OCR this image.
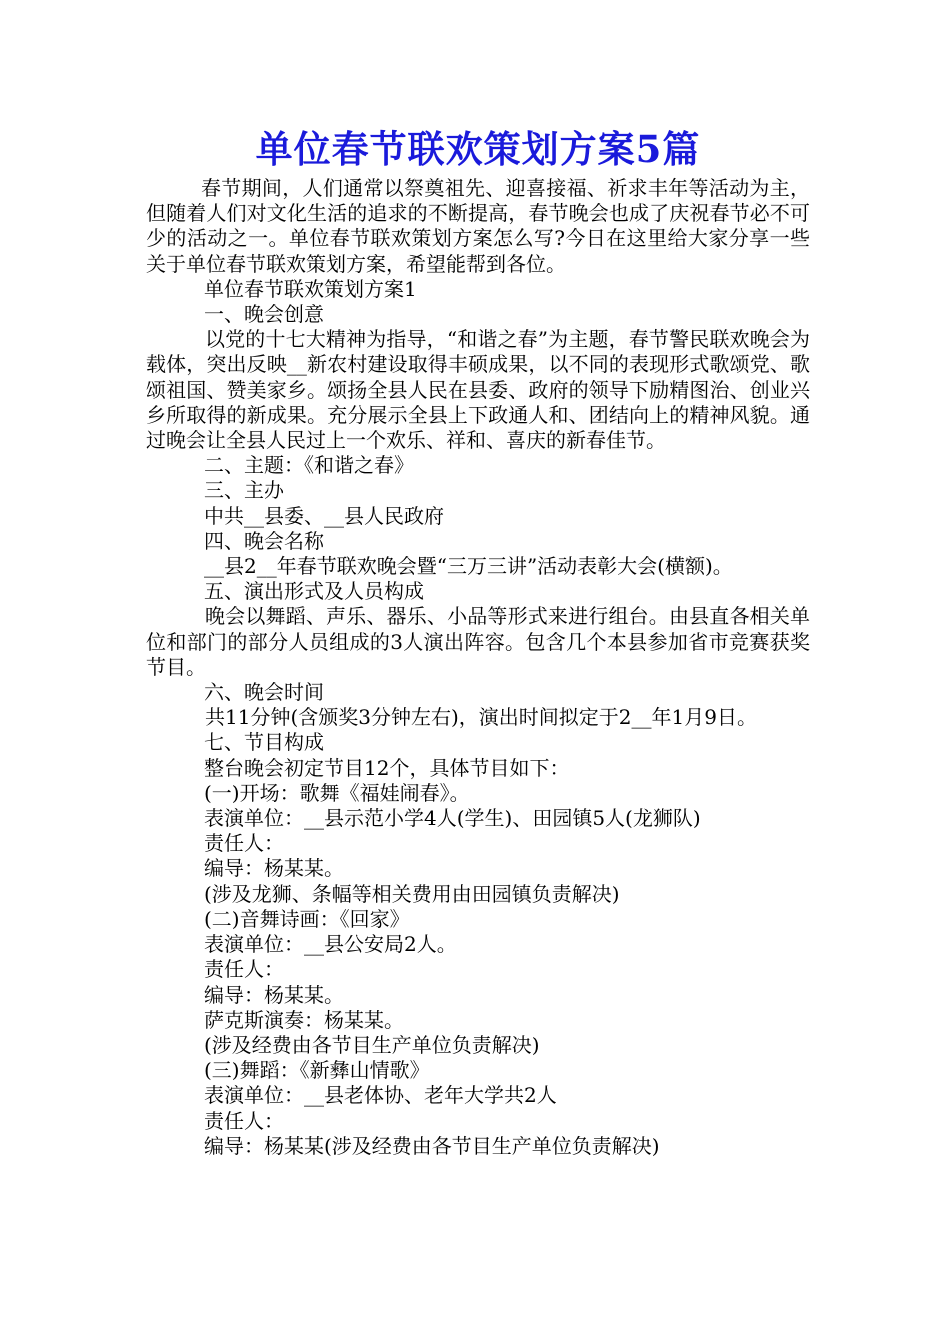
单位春节联欢策划方案5篇

春节期间，人们通常以祭奠祖先、迎喜接福、祈求丰年等活动为主，但随着人们对文化生活的追求的不断提高，春节晚会也成了庆祝春节必不可少的活动之一。单位春节联欢策划方案怎么写?今日在这里给大家分享一些关于单位春节联欢策划方案，希望能帮到各位。

单位春节联欢策划方案1

一、晚会创意

以党的十七大精神为指导，“和谐之春”为主题，春节警民联欢晚会为载体，突出反映__新农村建设取得丰硕成果，以不同的表现形式歌颂党、歌颂祖国、赞美家乡。颂扬全县人民在县委、政府的领导下励精图治、创业兴乡所取得的新成果。充分展示全县上下政通人和、团结向上的精神风貌。通过晚会让全县人民过上一个欢乐、祥和、喜庆的新春佳节。

二、主题：《和谐之春》

三、主办

中共__县委、__县人民政府

四、晚会名称

__县2__年春节联欢晚会暨“三万三讲”活动表彰大会(横额)。

五、演出形式及人员构成

晚会以舞蹈、声乐、器乐、小品等形式来进行组台。由县直各相关单位和部门的部分人员组成的3人演出阵容。包含几个本县参加省市竞赛获奖节目。

六、晚会时间

共11分钟(含颁奖3分钟左右)，演出时间拟定于2__年1月9日。

七、节目构成

整台晚会初定节目12个，具体节目如下：

(一)开场：歌舞《福娃闹春》。

表演单位：__县示范小学4人(学生)、田园镇5人(龙狮队)

责任人：

编导：杨某某。

(涉及龙狮、条幅等相关费用由田园镇负责解决)

(二)音舞诗画：《回家》

表演单位：__县公安局2人。

责任人：

编导：杨某某。

萨克斯演奏：杨某某。

(涉及经费由各节目生产单位负责解决)

(三)舞蹈：《新彝山情歌》

表演单位：__县老体协、老年大学共2人

责任人：

编导：杨某某(涉及经费由各节目生产单位负责解决)
